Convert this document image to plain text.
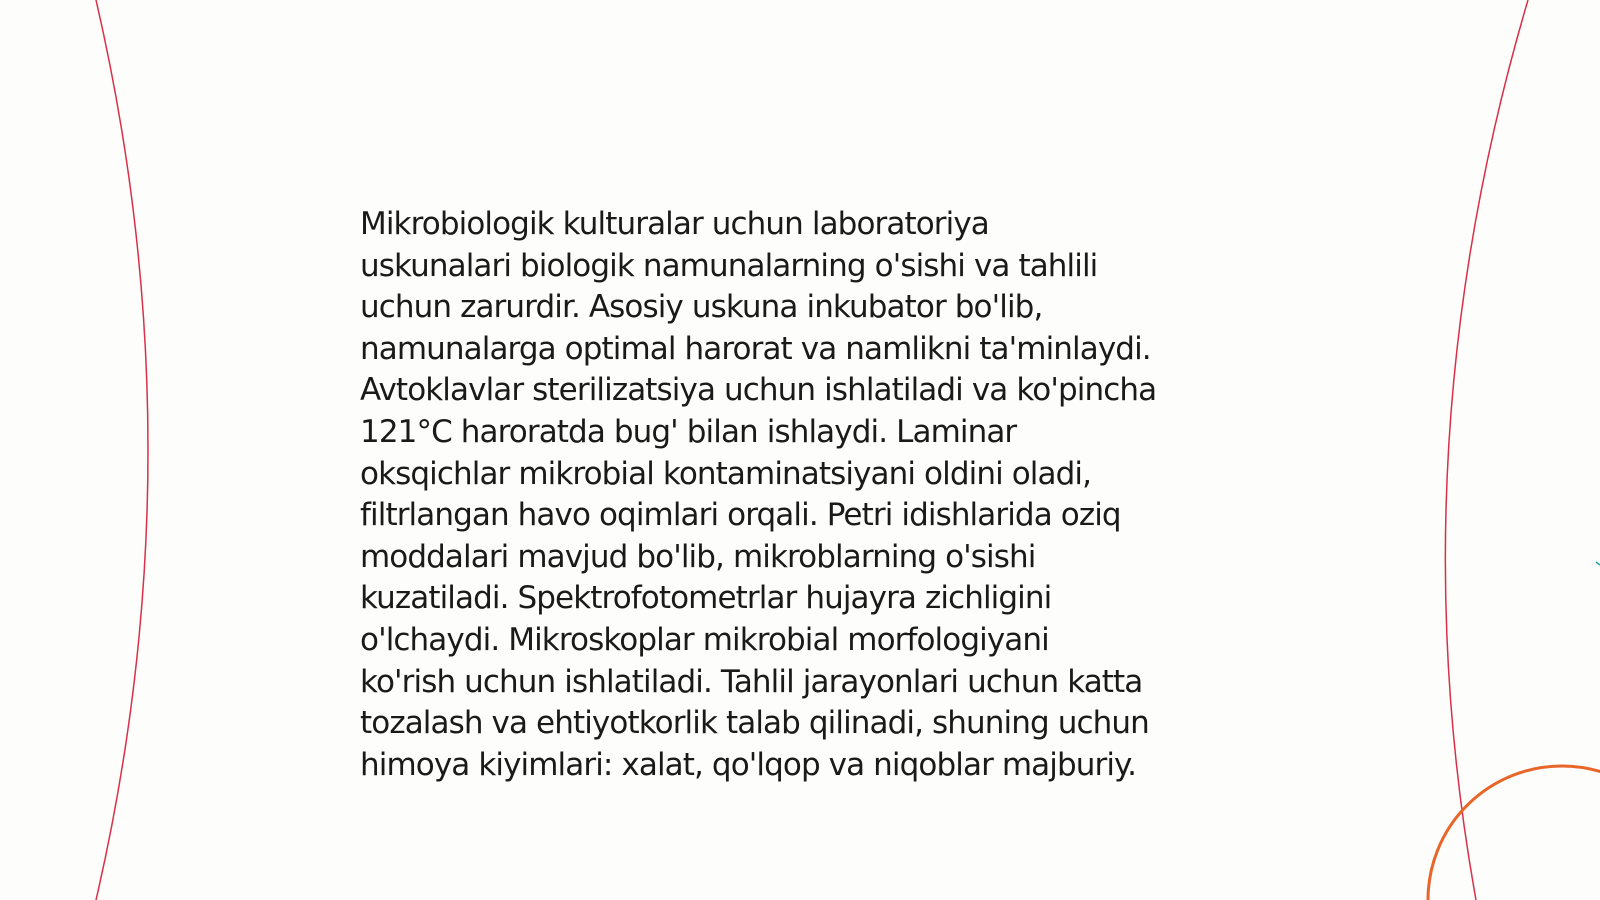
Mikrobiologik kulturalar uchun laboratoriya
uskunalari biologik namunalarning o'sishi va tahlili
uchun zarurdir. Asosiy uskuna inkubator bo'lib,
namunalarga optimal harorat va namlikni ta'minlaydi.
Avtoklavlar sterilizatsiya uchun ishlatiladi va ko'pincha
121°C haroratda bug' bilan ishlaydi. Laminar
oksqichlar mikrobial kontaminatsiyani oldini oladi,
filtrlangan havo oqimlari orqali. Petri idishlarida oziq
moddalari mavjud bo'lib, mikroblarning o'sishi
kuzatiladi. Spektrofotometrlar hujayra zichligini
o'lchaydi. Mikroskoplar mikrobial morfologiyani
ko'rish uchun ishlatiladi. Tahlil jarayonlari uchun katta
tozalash va ehtiyotkorlik talab qilinadi, shuning uchun
himoya kiyimlari: xalat, qo'lqop va niqoblar majburiy.
